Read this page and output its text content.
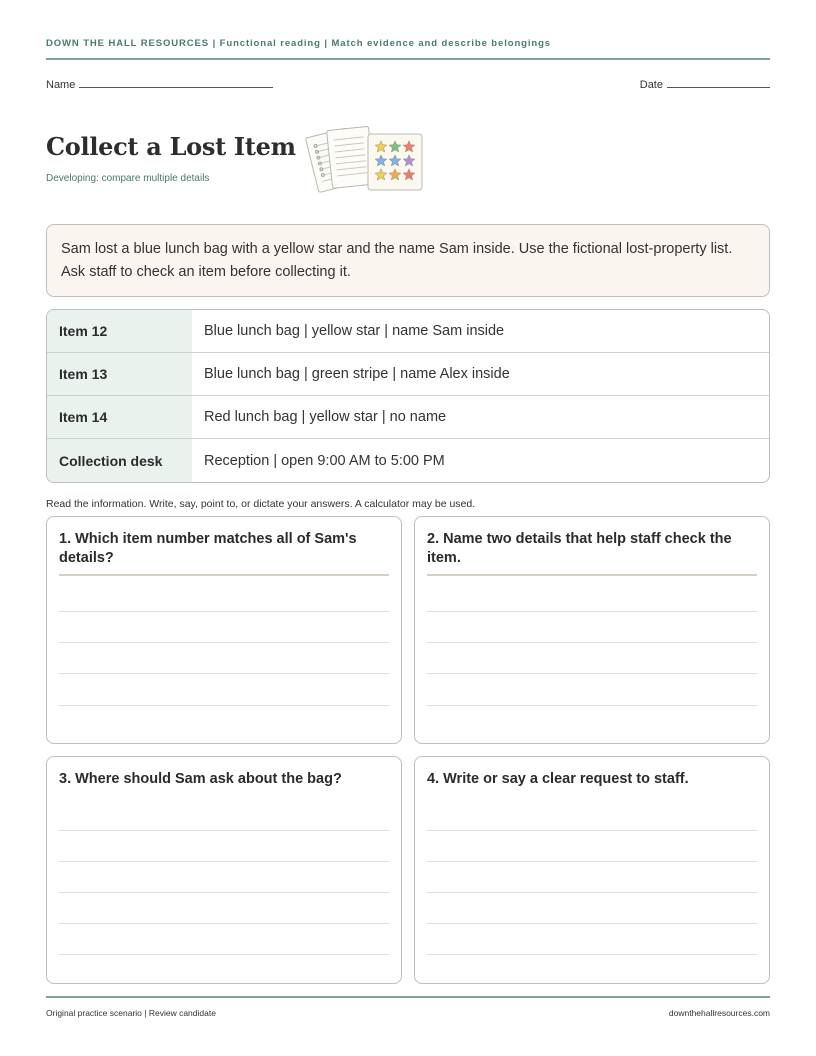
DOWN THE HALL RESOURCES | Functional reading | Match evidence and describe belongings
Name	Date
Collect a Lost Item
Developing: compare multiple details
Sam lost a blue lunch bag with a yellow star and the name Sam inside. Use the fictional lost-property list. Ask staff to check an item before collecting it.
Item 12	Blue lunch bag | yellow star | name Sam inside
Item 13	Blue lunch bag | green stripe | name Alex inside
Item 14	Red lunch bag | yellow star | no name
Collection desk	Reception | open 9:00 AM to 5:00 PM
Read the information. Write, say, point to, or dictate your answers. A calculator may be used.
1. Which item number matches all of Sam's details?
2. Name two details that help staff check the item.
3. Where should Sam ask about the bag?	4. Write or say a clear request to staff.
Original practice scenario | Review candidate	downthehallresources.com
